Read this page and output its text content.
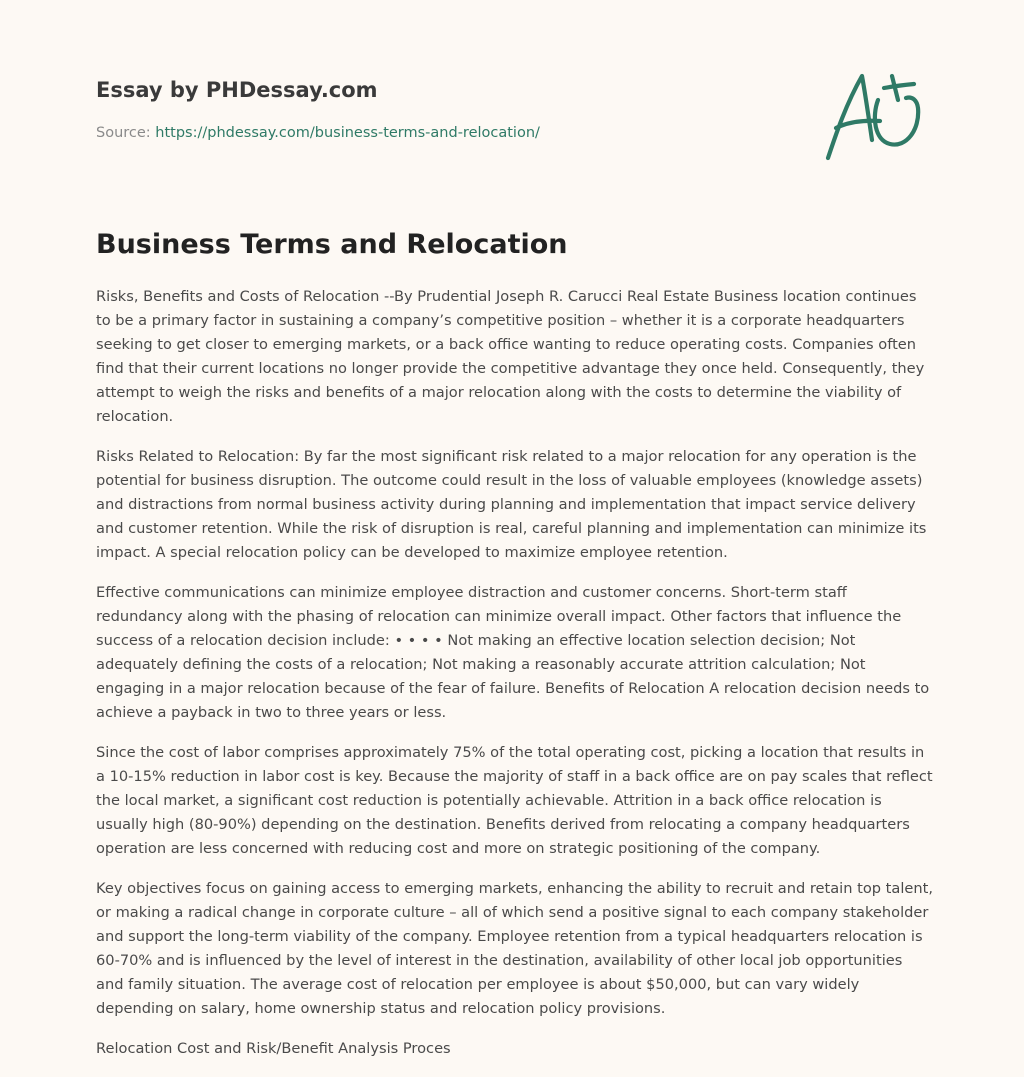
Essay by PHDessay.com
Source: https://phdessay.com/business-terms-and-relocation/
Business Terms and Relocation

Risks, Benefits and Costs of Relocation --By Prudential Joseph R. Carucci Real Estate Business location continues to be a primary factor in sustaining a company’s competitive position – whether it is a corporate headquarters seeking to get closer to emerging markets, or a back office wanting to reduce operating costs. Companies often find that their current locations no longer provide the competitive advantage they once held. Consequently, they attempt to weigh the risks and benefits of a major relocation along with the costs to determine the viability of relocation.

Risks Related to Relocation: By far the most significant risk related to a major relocation for any operation is the potential for business disruption. The outcome could result in the loss of valuable employees (knowledge assets) and distractions from normal business activity during planning and implementation that impact service delivery and customer retention. While the risk of disruption is real, careful planning and implementation can minimize its impact. A special relocation policy can be developed to maximize employee retention.

Effective communications can minimize employee distraction and customer concerns. Short-term staff redundancy along with the phasing of relocation can minimize overall impact. Other factors that influence the success of a relocation decision include: • • • • Not making an effective location selection decision; Not adequately defining the costs of a relocation; Not making a reasonably accurate attrition calculation; Not engaging in a major relocation because of the fear of failure. Benefits of Relocation A relocation decision needs to achieve a payback in two to three years or less.

Since the cost of labor comprises approximately 75% of the total operating cost, picking a location that results in a 10-15% reduction in labor cost is key. Because the majority of staff in a back office are on pay scales that reflect the local market, a significant cost reduction is potentially achievable. Attrition in a back office relocation is usually high (80-90%) depending on the destination. Benefits derived from relocating a company headquarters operation are less concerned with reducing cost and more on strategic positioning of the company.

Key objectives focus on gaining access to emerging markets, enhancing the ability to recruit and retain top talent, or making a radical change in corporate culture – all of which send a positive signal to each company stakeholder and support the long-term viability of the company. Employee retention from a typical headquarters relocation is 60-70% and is influenced by the level of interest in the destination, availability of other local job opportunities and family situation. The average cost of relocation per employee is about $50,000, but can vary widely depending on salary, home ownership status and relocation policy provisions.

Relocation Cost and Risk/Benefit Analysis Proces
